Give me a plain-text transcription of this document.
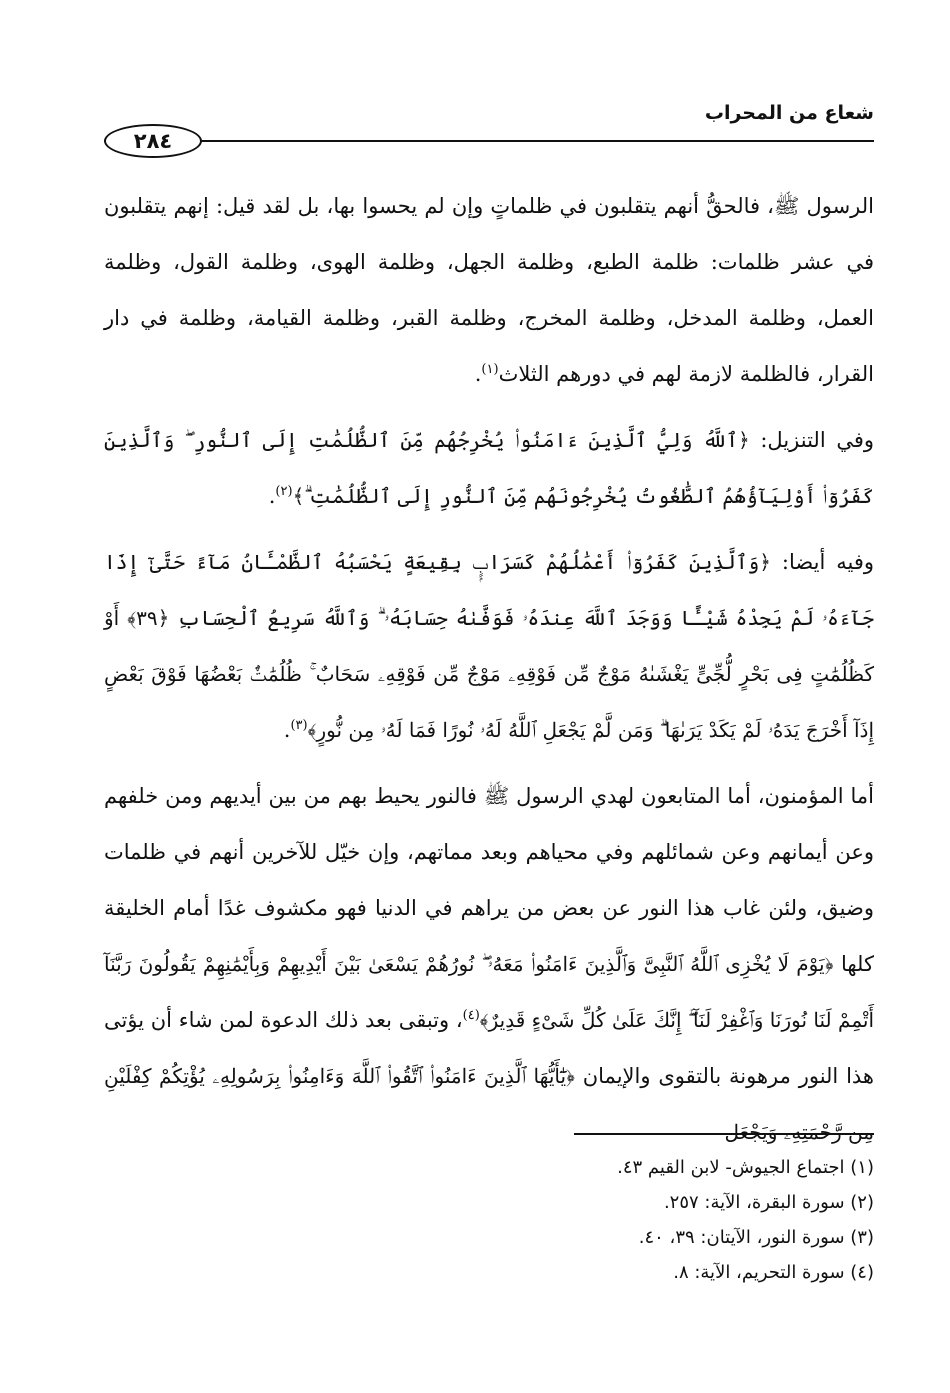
شعاع من المحراب
٢٨٤

الرسول ﷺ، فالحقُّ أنهم يتقلبون في ظلماتٍ وإن لم يحسوا بها، بل لقد قيل: إنهم يتقلبون في عشر ظلمات: ظلمة الطبع، وظلمة الجهل، وظلمة الهوى، وظلمة القول، وظلمة العمل، وظلمة المدخل، وظلمة المخرج، وظلمة القبر، وظلمة القيامة، وظلمة في دار القرار، فالظلمة لازمة لهم في دورهم الثلاث$^{(١)}$.

وفي التنزيل: ﴿ٱللَّهُ وَلِيُّ ٱلَّذِينَ ءَامَنُوا۟ يُخْرِجُهُم مِّنَ ٱلظُّلُمَٰتِ إِلَى ٱلنُّورِ ۖ وَٱلَّذِينَ كَفَرُوٓا۟ أَوْلِيَآؤُهُمُ ٱلطَّٰغُوتُ يُخْرِجُونَهُم مِّنَ ٱلنُّورِ إِلَى ٱلظُّلُمَٰتِ ۗ﴾$^{(٢)}$.

وفيه أيضا: ﴿وَٱلَّذِينَ كَفَرُوٓا۟ أَعْمَٰلُهُمْ كَسَرَابٍۭ بِقِيعَةٍ يَحْسَبُهُ ٱلظَّمْـَٔانُ مَآءً حَتَّىٰٓ إِذَا جَآءَهُۥ لَمْ يَجِدْهُ شَيْـًٔا وَوَجَدَ ٱللَّهَ عِندَهُۥ فَوَفَّىٰهُ حِسَابَهُۥ ۗ وَٱللَّهُ سَرِيعُ ٱلْحِسَابِ ﴿٣٩﴾ أَوْ كَظُلُمَٰتٍ فِى بَحْرٍ لُّجِّىٍّ يَغْشَىٰهُ مَوْجٌ مِّن فَوْقِهِۦ مَوْجٌ مِّن فَوْقِهِۦ سَحَابٌ ۚ ظُلُمَٰتٌۢ بَعْضُهَا فَوْقَ بَعْضٍ إِذَآ أَخْرَجَ يَدَهُۥ لَمْ يَكَدْ يَرَىٰهَا ۗ وَمَن لَّمْ يَجْعَلِ ٱللَّهُ لَهُۥ نُورًا فَمَا لَهُۥ مِن نُّورٍ﴾$^{(٣)}$.

أما المؤمنون، أما المتابعون لهدي الرسول ﷺ فالنور يحيط بهم من بين أيديهم ومن خلفهم وعن أيمانهم وعن شمائلهم وفي محياهم وبعد مماتهم، وإن خيّل للآخرين أنهم في ظلمات وضيق، ولئن غاب هذا النور عن بعض من يراهم في الدنيا فهو مكشوف غدًا أمام الخليقة كلها ﴿يَوْمَ لَا يُخْزِى ٱللَّهُ ٱلنَّبِىَّ وَٱلَّذِينَ ءَامَنُوا۟ مَعَهُۥ ۖ نُورُهُمْ يَسْعَىٰ بَيْنَ أَيْدِيهِمْ وَبِأَيْمَٰنِهِمْ يَقُولُونَ رَبَّنَآ أَتْمِمْ لَنَا نُورَنَا وَٱغْفِرْ لَنَآ ۖ إِنَّكَ عَلَىٰ كُلِّ شَىْءٍ قَدِيرٌ﴾$^{(٤)}$، وتبقى بعد ذلك الدعوة لمن شاء أن يؤتى هذا النور مرهونة بالتقوى والإيمان ﴿يَٰٓأَيُّهَا ٱلَّذِينَ ءَامَنُوا۟ ٱتَّقُوا۟ ٱللَّهَ وَءَامِنُوا۟ بِرَسُولِهِۦ يُؤْتِكُمْ كِفْلَيْنِ مِن رَّحْمَتِهِۦ وَيَجْعَل

(١) اجتماع الجيوش- لابن القيم ٤٣.

(٢) سورة البقرة، الآية: ٢٥٧.

(٣) سورة النور، الآيتان: ٣٩، ٤٠.

(٤) سورة التحريم، الآية: ٨.
